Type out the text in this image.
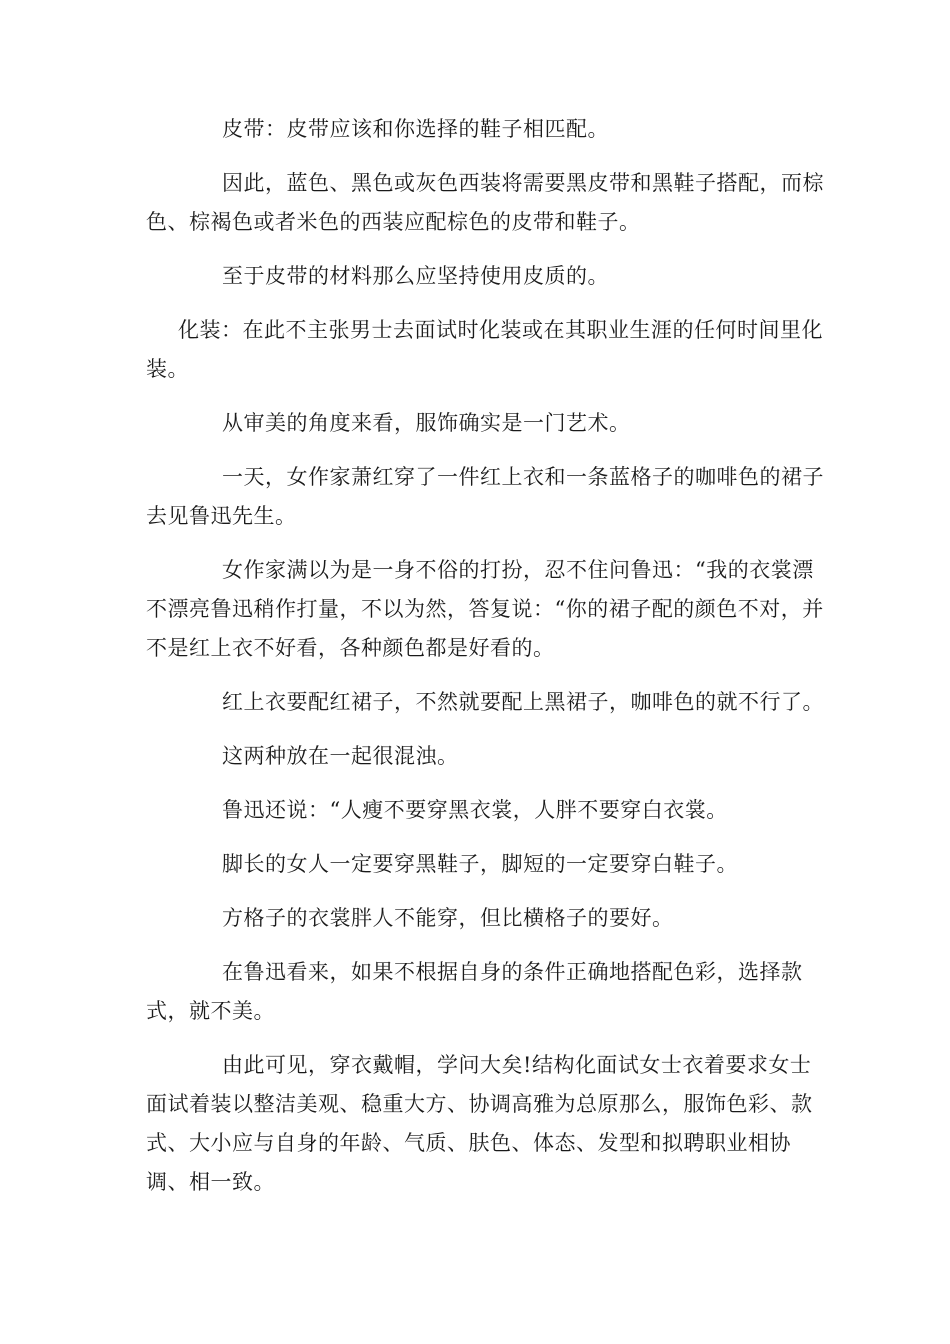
皮带：皮带应该和你选择的鞋子相匹配。

因此，蓝色、黑色或灰色西装将需要黑皮带和黑鞋子搭配，而棕色、棕褐色或者米色的西装应配棕色的皮带和鞋子。

至于皮带的材料那么应坚持使用皮质的。

化装：在此不主张男士去面试时化装或在其职业生涯的任何时间里化装。

从审美的角度来看，服饰确实是一门艺术。

一天，女作家萧红穿了一件红上衣和一条蓝格子的咖啡色的裙子去见鲁迅先生。

女作家满以为是一身不俗的打扮，忍不住问鲁迅：“我的衣裳漂不漂亮鲁迅稍作打量，不以为然，答复说：“你的裙子配的颜色不对，并不是红上衣不好看，各种颜色都是好看的。

红上衣要配红裙子，不然就要配上黑裙子，咖啡色的就不行了。

这两种放在一起很混浊。

鲁迅还说：“人瘦不要穿黑衣裳，人胖不要穿白衣裳。

脚长的女人一定要穿黑鞋子，脚短的一定要穿白鞋子。

方格子的衣裳胖人不能穿，但比横格子的要好。

在鲁迅看来，如果不根据自身的条件正确地搭配色彩，选择款式，就不美。

由此可见，穿衣戴帽，学问大矣!结构化面试女士衣着要求女士面试着装以整洁美观、稳重大方、协调高雅为总原那么，服饰色彩、款式、大小应与自身的年龄、气质、肤色、体态、发型和拟聘职业相协调、相一致。
